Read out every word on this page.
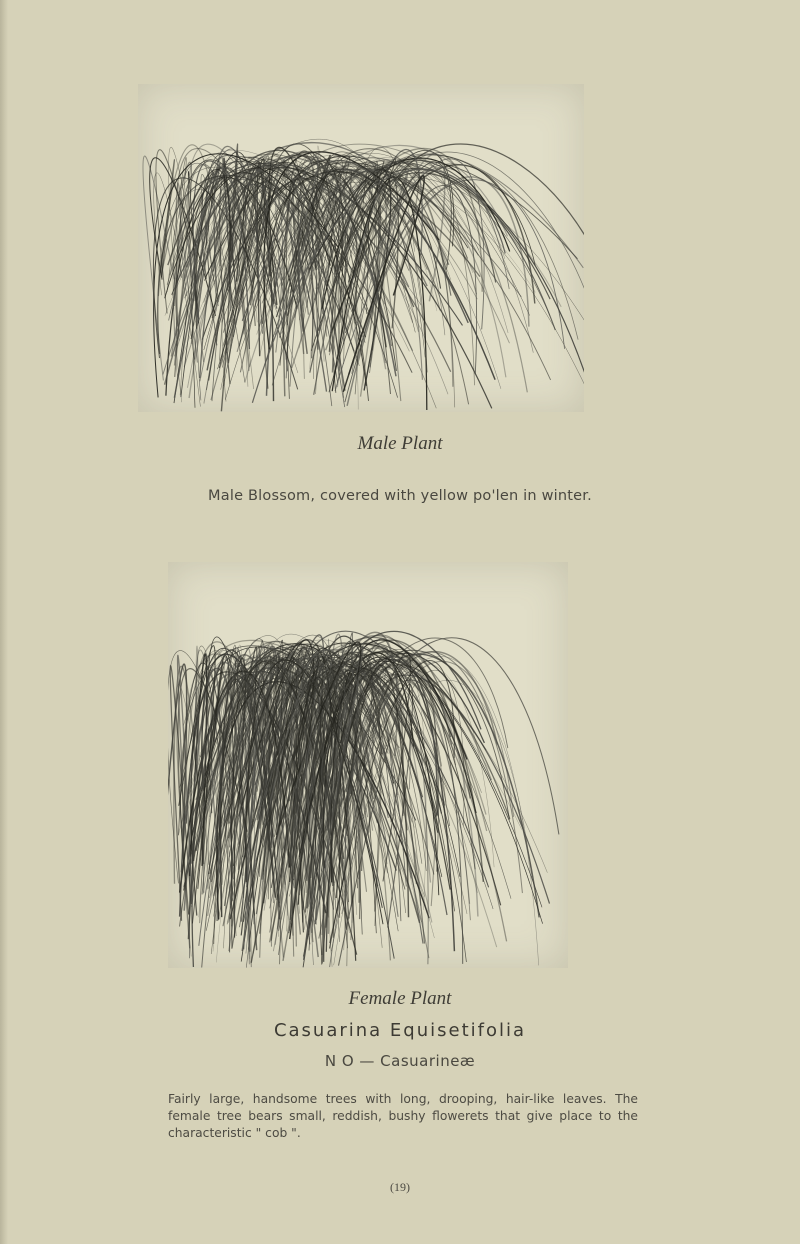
Male Plant
Male Blossom, covered with yellow po'len in winter.
Female Plant
Casuarina Equisetifolia
N O — Casuarineæ
Fairly large, handsome trees with long, drooping, hair-like leaves. The female tree bears small, reddish, bushy flowerets that give place to the characteristic " cob ".
(19)
